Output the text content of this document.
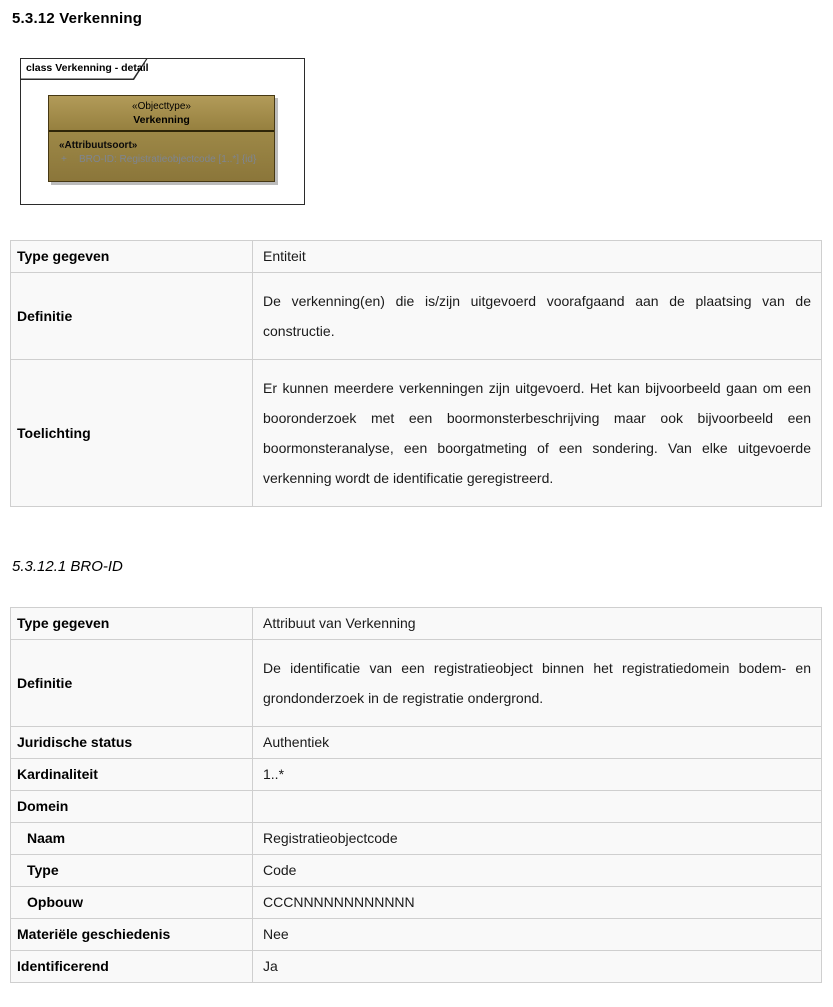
5.3.12 Verkenning
class Verkenning - detail
«Objecttype»
Verkenning
«Attribuutsoort»
+	BRO-ID: Registratieobjectcode [1..*] {id}
Type gegeven	Entiteit
Definitie	De verkenning(en) die is/zijn uitgevoerd voorafgaand aan de plaatsing van de constructie.
Toelichting	Er kunnen meerdere verkenningen zijn uitgevoerd. Het kan bijvoorbeeld gaan om een booronderzoek met een boormonsterbeschrijving maar ook bijvoorbeeld een boormonsteranalyse, een boorgatmeting of een sondering. Van elke uitgevoerde verkenning wordt de identificatie geregistreerd.
5.3.12.1 BRO-ID
Type gegeven	Attribuut van Verkenning
Definitie	De identificatie van een registratieobject binnen het registratiedomein bodem- en grondonderzoek in de registratie ondergrond.
Juridische status	Authentiek
Kardinaliteit	1..*
Domein	
Naam	Registratieobjectcode
Type	Code
Opbouw	CCCNNNNNNNNNNNN
Materiële geschiedenis	Nee
Identificerend	Ja
